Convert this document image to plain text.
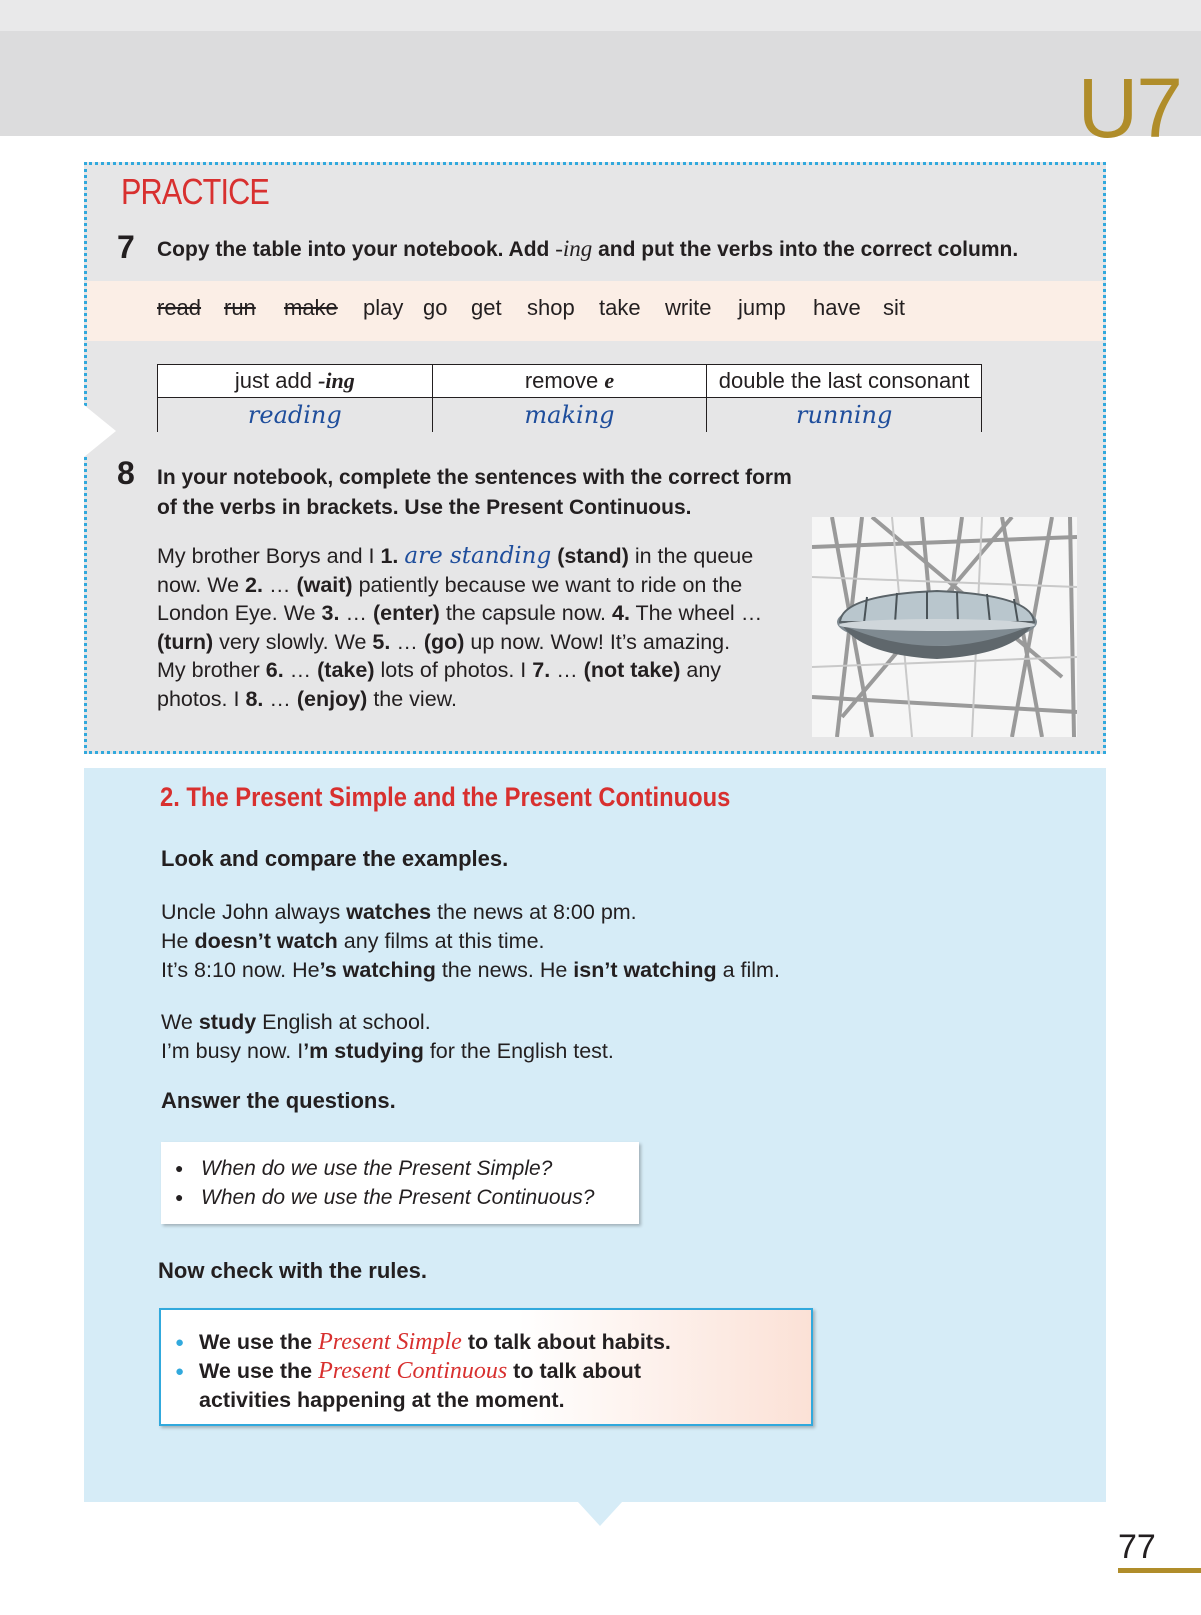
U7
PRACTICE
7 Copy the table into your notebook. Add -ing and put the verbs into the correct column.
read run make play go get shop take write jump have sit
just add -ing	remove e	double the last consonant
reading	making	running
8 In your notebook, complete the sentences with the correct form
of the verbs in brackets. Use the Present Continuous.
My brother Borys and I 1. are standing (stand) in the queue
now. We 2. … (wait) patiently because we want to ride on the
London Eye. We 3. … (enter) the capsule now. 4. The wheel …
(turn) very slowly. We 5. … (go) up now. Wow! It’s amazing.
My brother 6. … (take) lots of photos. I 7. … (not take) any
photos. I 8. … (enjoy) the view.
2. The Present Simple and the Present Continuous
Look and compare the examples.
Uncle John always watches the news at 8:00 pm.
He doesn’t watch any films at this time.
It’s 8:10 now. He’s watching the news. He isn’t watching a film.
We study English at school.
I’m busy now. I’m studying for the English test.
Answer the questions.
● When do we use the Present Simple?
● When do we use the Present Continuous?
Now check with the rules.
● We use the Present Simple to talk about habits.
● We use the Present Continuous to talk about
activities happening at the moment.
77
